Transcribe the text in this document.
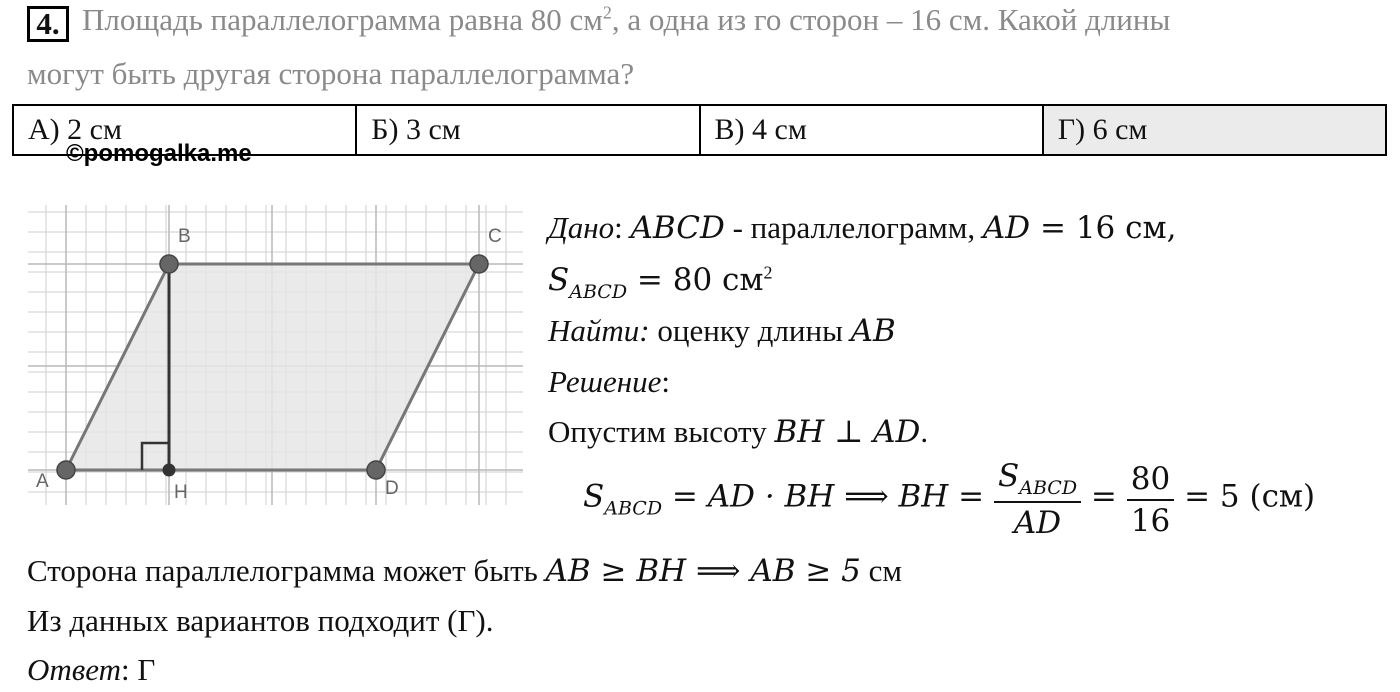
4. Площадь параллелограмма равна 80 $см^2$, а одна из го сторон – 16 см. Какой длины
могут быть другая сторона параллелограмма?
А) 2 см	Б) 3 см	В) 4 см	Г) 6 см
©pomogalka.me
A
B	C
D
H
Дано: ABCD - параллелограмм, AD = 16 см,
$S_{ABCD} = 80$ $см^2$
Найти: оценку длины AB
Решение:
Опустим высоту BH ⊥ AD.
$S_{ABCD}$ = AD · BH ⟹ BH = $\frac{S_{ABCD}}{AD} = \frac{80}{16} = 5$ (см)
Сторона параллелограмма может быть AB ≥ BH ⟹ AB ≥ 5 см
Из данных вариантов подходит (Г).
Ответ: Г
